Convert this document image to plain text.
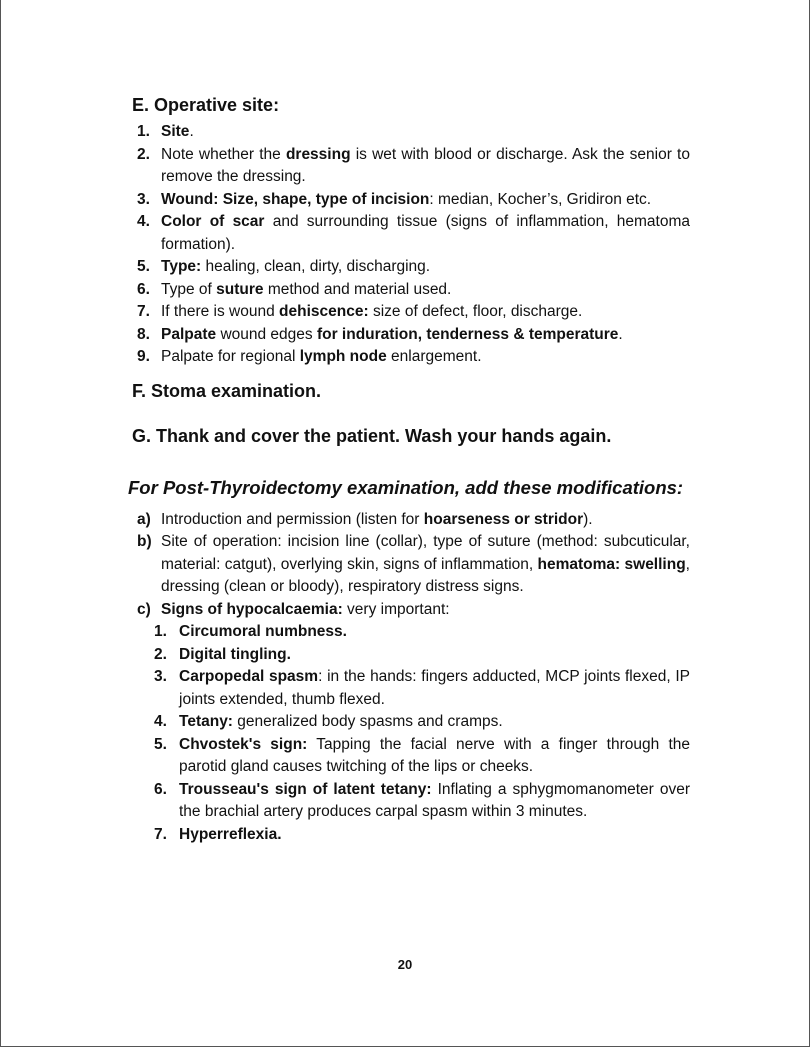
E. Operative site:
1. Site.
2. Note whether the dressing is wet with blood or discharge. Ask the senior to remove the dressing.
3. Wound: Size, shape, type of incision: median, Kocher’s, Gridiron etc.
4. Color of scar and surrounding tissue (signs of inflammation, hematoma formation).
5. Type: healing, clean, dirty, discharging.
6. Type of suture method and material used.
7. If there is wound dehiscence: size of defect, floor, discharge.
8. Palpate wound edges for induration, tenderness & temperature.
9. Palpate for regional lymph node enlargement.
F. Stoma examination.
G. Thank and cover the patient. Wash your hands again.
For Post-Thyroidectomy examination, add these modifications:
a) Introduction and permission (listen for hoarseness or stridor).
b) Site of operation: incision line (collar), type of suture (method: subcuticular, material: catgut), overlying skin, signs of inflammation, hematoma: swelling, dressing (clean or bloody), respiratory distress signs.
c) Signs of hypocalcaemia: very important:
1. Circumoral numbness.
2. Digital tingling.
3. Carpopedal spasm: in the hands: fingers adducted, MCP joints flexed, IP joints extended, thumb flexed.
4. Tetany: generalized body spasms and cramps.
5. Chvostek's sign: Tapping the facial nerve with a finger through the parotid gland causes twitching of the lips or cheeks.
6. Trousseau's sign of latent tetany: Inflating a sphygmomanometer over the brachial artery produces carpal spasm within 3 minutes.
7. Hyperreflexia.
20
